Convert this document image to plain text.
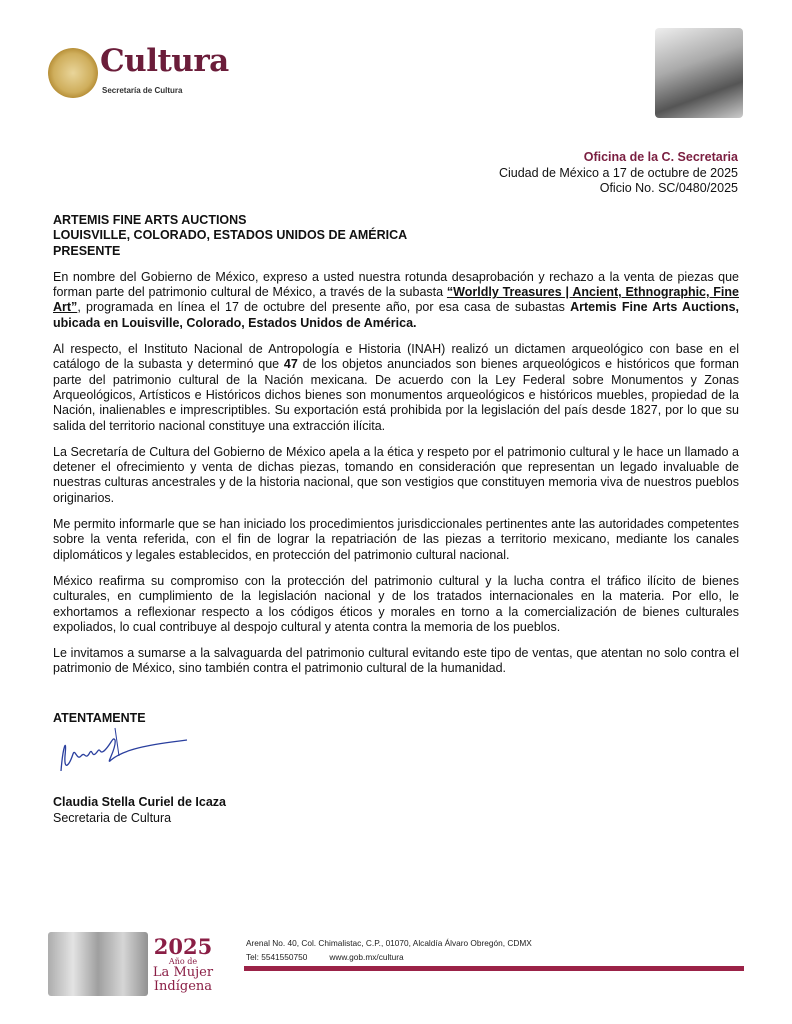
Cultura
Secretaría de Cultura
Oficina de la C. Secretaria
Ciudad de México a 17 de octubre de 2025
Oficio No. SC/0480/2025
ARTEMIS FINE ARTS AUCTIONS
LOUISVILLE, COLORADO, ESTADOS UNIDOS DE AMÉRICA
PRESENTE
En nombre del Gobierno de México, expreso a usted nuestra rotunda desaprobación y rechazo a la venta de piezas que forman parte del patrimonio cultural de México, a través de la subasta “Worldly Treasures | Ancient, Ethnographic, Fine Art”, programada en línea el 17 de octubre del presente año, por esa casa de subastas Artemis Fine Arts Auctions, ubicada en Louisville, Colorado, Estados Unidos de América.
Al respecto, el Instituto Nacional de Antropología e Historia (INAH) realizó un dictamen arqueológico con base en el catálogo de la subasta y determinó que 47 de los objetos anunciados son bienes arqueológicos e históricos que forman parte del patrimonio cultural de la Nación mexicana. De acuerdo con la Ley Federal sobre Monumentos y Zonas Arqueológicos, Artísticos e Históricos dichos bienes son monumentos arqueológicos e históricos muebles, propiedad de la Nación, inalienables e imprescriptibles. Su exportación está prohibida por la legislación del país desde 1827, por lo que su salida del territorio nacional constituye una extracción ilícita.
La Secretaría de Cultura del Gobierno de México apela a la ética y respeto por el patrimonio cultural y le hace un llamado a detener el ofrecimiento y venta de dichas piezas, tomando en consideración que representan un legado invaluable de nuestras culturas ancestrales y de la historia nacional, que son vestigios que constituyen memoria viva de nuestros pueblos originarios.
Me permito informarle que se han iniciado los procedimientos jurisdiccionales pertinentes ante las autoridades competentes sobre la venta referida, con el fin de lograr la repatriación de las piezas a territorio mexicano, mediante los canales diplomáticos y legales establecidos, en protección del patrimonio cultural nacional.
México reafirma su compromiso con la protección del patrimonio cultural y la lucha contra el tráfico ilícito de bienes culturales, en cumplimiento de la legislación nacional y de los tratados internacionales en la materia. Por ello, le exhortamos a reflexionar respecto a los códigos éticos y morales en torno a la comercialización de bienes culturales expoliados, lo cual contribuye al despojo cultural y atenta contra la memoria de los pueblos.
Le invitamos a sumarse a la salvaguarda del patrimonio cultural evitando este tipo de ventas, que atentan no solo contra el patrimonio de México, sino también contra el patrimonio cultural de la humanidad.
ATENTAMENTE
Claudia Stella Curiel de Icaza
Secretaria de Cultura
2025
Año de
La Mujer
Indígena
Arenal No. 40, Col. Chimalistac, C.P., 01070, Alcaldía Álvaro Obregón, CDMX
Tel: 5541550750	www.gob.mx/cultura
